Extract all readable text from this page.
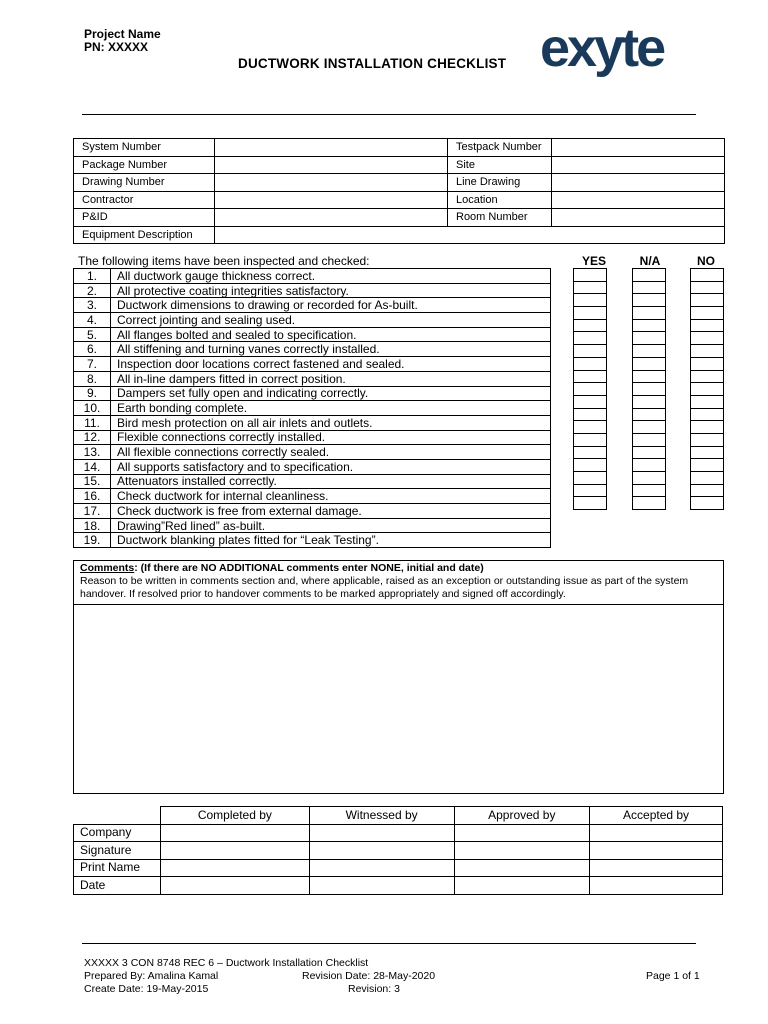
Project Name
PN: XXXXX
DUCTWORK INSTALLATION CHECKLIST exyte
System Number		Testpack Number	
Package Number		Site	
Drawing Number		Line Drawing	
Contractor		Location	
P&ID		Room Number	
Equipment Description			
The following items have been inspected and checked:	YES	N/A	NO
1.	All ductwork gauge thickness correct.
2.	All protective coating integrities satisfactory.
3.	Ductwork dimensions to drawing or recorded for As-built.
4.	Correct jointing and sealing used.
5.	All flanges bolted and sealed to specification.
6.	All stiffening and turning vanes correctly installed.
7.	Inspection door locations correct fastened and sealed.
8.	All in-line dampers fitted in correct position.
9.	Dampers set fully open and indicating correctly.
10.	Earth bonding complete.
11.	Bird mesh protection on all air inlets and outlets.
12.	Flexible connections correctly installed.
13.	All flexible connections correctly sealed.
14.	All supports satisfactory and to specification.
15.	Attenuators installed correctly.
16.	Check ductwork for internal cleanliness.
17.	Check ductwork is free from external damage.
18.	Drawing”Red lined” as-built.
19.	Ductwork blanking plates fitted for “Leak Testing”.
Comments: (If there are NO ADDITIONAL comments enter NONE, initial and date)
Reason to be written in comments section and, where applicable, raised as an exception or outstanding issue as part of the system handover. If resolved prior to handover comments to be marked appropriately and signed off accordingly.
	Completed by	Witnessed by	Approved by	Accepted by
Company				
Signature				
Print Name				
Date				
XXXXX 3 CON 8748 REC 6 – Ductwork Installation Checklist
Prepared By: Amalina Kamal
Create Date: 19-May-2015
Revision Date: 28-May-2020
Revision: 3
Page 1 of 1
